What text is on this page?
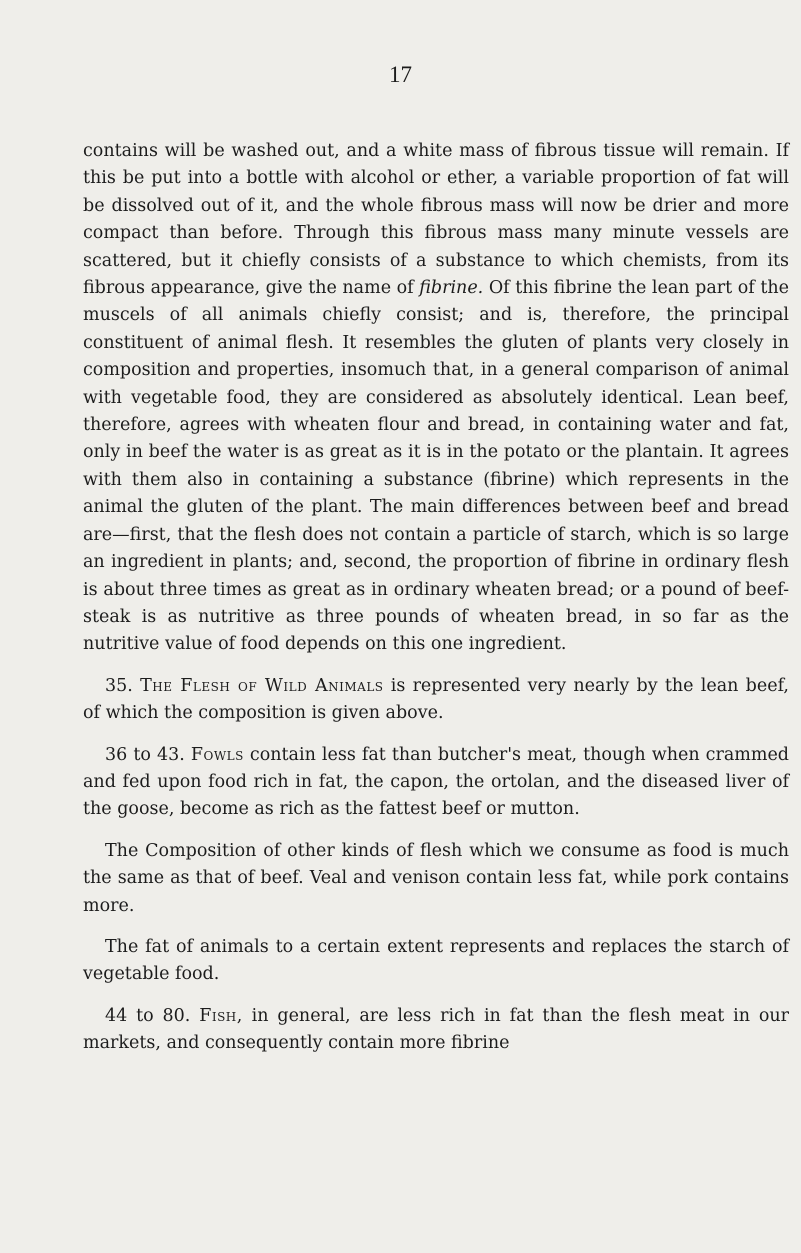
17

contains will be washed out, and a white mass of fibrous tissue will remain. If this be put into a bottle with alcohol or ether, a variable proportion of fat will be dissolved out of it, and the whole fibrous mass will now be drier and more compact than before. Through this fibrous mass many minute vessels are scattered, but it chiefly consists of a substance to which chemists, from its fibrous appearance, give the name of fibrine. Of this fibrine the lean part of the muscels of all animals chiefly consist; and is, therefore, the principal constituent of animal flesh. It resembles the gluten of plants very closely in composition and properties, insomuch that, in a general comparison of animal with vegetable food, they are considered as absolutely identical. Lean beef, therefore, agrees with wheaten flour and bread, in containing water and fat, only in beef the water is as great as it is in the potato or the plantain. It agrees with them also in containing a substance (fibrine) which represents in the animal the gluten of the plant. The main differences between beef and bread are—first, that the flesh does not contain a particle of starch, which is so large an ingredient in plants; and, second, the proportion of fibrine in ordinary flesh is about three times as great as in ordinary wheaten bread; or a pound of beef-steak is as nutritive as three pounds of wheaten bread, in so far as the nutritive value of food depends on this one ingredient.

35. The Flesh of Wild Animals is represented very nearly by the lean beef, of which the composition is given above.

36 to 43. Fowls contain less fat than butcher's meat, though when crammed and fed upon food rich in fat, the capon, the ortolan, and the diseased liver of the goose, become as rich as the fattest beef or mutton.

The Composition of other kinds of flesh which we consume as food is much the same as that of beef. Veal and venison contain less fat, while pork contains more.

The fat of animals to a certain extent represents and replaces the starch of vegetable food.

44 to 80. Fish, in general, are less rich in fat than the flesh meat in our markets, and consequently contain more fibrine
